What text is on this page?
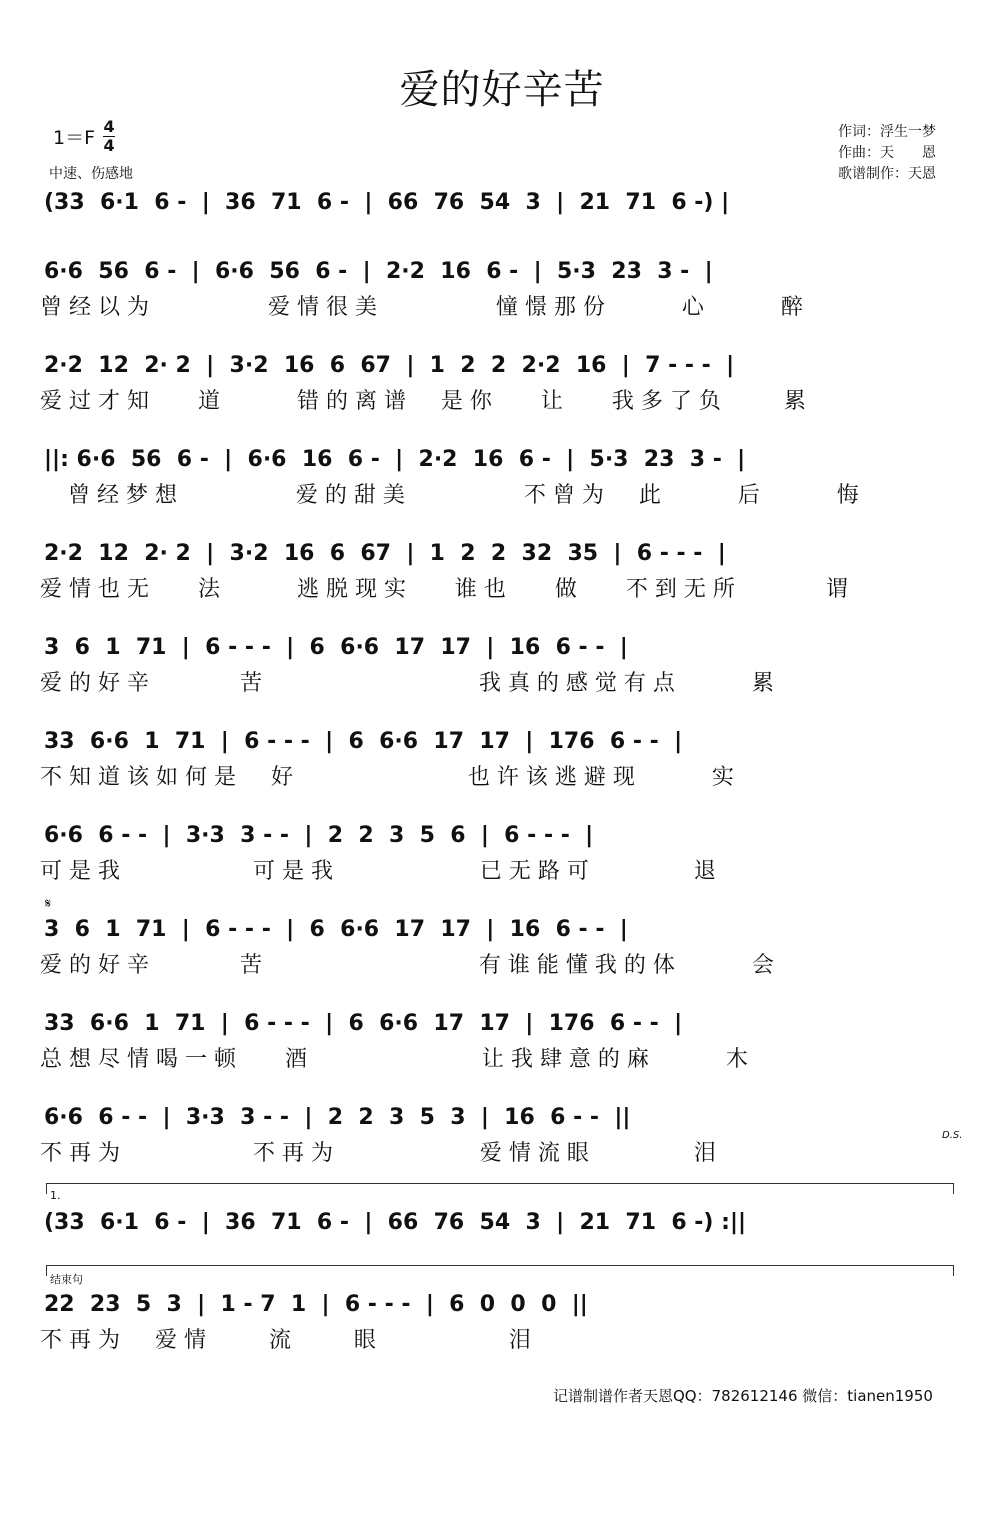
爱的好辛苦
$1=F \frac{4}{4}$
中速、伤感地
作词：浮生一梦
作曲：天　　恩
歌谱制作：天恩
(33  6·1  6 -  |  36  71  6 -  |  66  76  54  3  |  21  71  6 -) |
6·6  56  6 -  |  6·6  56  6 -  |  2·2  16  6 -  |  5·3  23  3 -  |
曾经以为        爱情很美        憧憬那份     心     醉
2·2  12  2· 2  |  3·2  16  6  67  |  1  2  2  2·2  16  |  7 - - -  |
爱过才知   道     错的离谱  是你   让   我多了负    累
||: 6·6  56  6 -  |  6·6  16  6 -  |  2·2  16  6 -  |  5·3  23  3 -  |
曾经梦想        爱的甜美        不曾为  此     后     悔
2·2  12  2· 2  |  3·2  16  6  67  |  1  2  2  32  35  |  6 - - -  |
爱情也无   法     逃脱现实   谁也   做   不到无所      谓
3  6  1  71  |  6 - - -  |  6  6·6  17  17  |  16  6 - -  |
爱的好辛      苦               我真的感觉有点     累
33  6·6  1  71  |  6 - - -  |  6  6·6  17  17  |  176  6 - -  |
不知道该如何是  好            也许该逃避现     实
6·6  6 - -  |  3·3  3 - -  |  2  2  3  5  6  |  6 - - -  |
可是我         可是我          已无路可       退
𝄋
3  6  1  71  |  6 - - -  |  6  6·6  17  17  |  16  6 - -  |
爱的好辛      苦               有谁能懂我的体     会
33  6·6  1  71  |  6 - - -  |  6  6·6  17  17  |  176  6 - -  |
总想尽情喝一顿   酒            让我肆意的麻     木
6·6  6 - -  |  3·3  3 - -  |  2  2  3  5  3  |  16  6 - -  ||
D.S.
不再为         不再为          爱情流眼       泪
1.
(33  6·1  6 -  |  36  71  6 -  |  66  76  54  3  |  21  71  6 -) :||
结束句
22  23  5  3  |  1 - 7  1  |  6 - - -  |  6  0  0  0  ||
不再为  爱情    流    眼         泪
记谱制谱作者天恩QQ：782612146 微信：tianen1950
